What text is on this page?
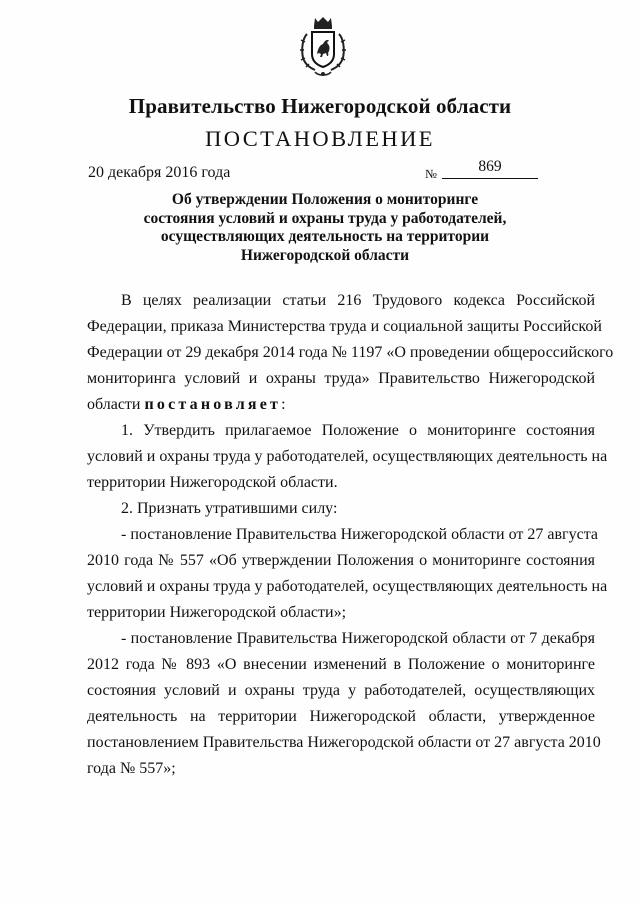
Правительство Нижегородской области
ПОСТАНОВЛЕНИЕ
20 декабря 2016 года	№	869
Об утверждении Положения о мониторинге
состояния условий и охраны труда у работодателей,
осуществляющих деятельность на территории
Нижегородской области
В целях реализации статьи 216 Трудового кодекса Российской
Федерации, приказа Министерства труда и социальной защиты Российской
Федерации от 29 декабря 2014 года № 1197 «О проведении общероссийского
мониторинга условий и охраны труда» Правительство Нижегородской
области постановляет:
1. Утвердить прилагаемое Положение о мониторинге состояния
условий и охраны труда у работодателей, осуществляющих деятельность на
территории Нижегородской области.
2. Признать утратившими силу:
- постановление Правительства Нижегородской области от 27 августа
2010 года № 557 «Об утверждении Положения о мониторинге состояния
условий и охраны труда у работодателей, осуществляющих деятельность на
территории Нижегородской области»;
- постановление Правительства Нижегородской области от 7 декабря
2012 года № 893 «О внесении изменений в Положение о мониторинге
состояния условий и охраны труда у работодателей, осуществляющих
деятельность на территории Нижегородской области, утвержденное
постановлением Правительства Нижегородской области от 27 августа 2010
года № 557»;
